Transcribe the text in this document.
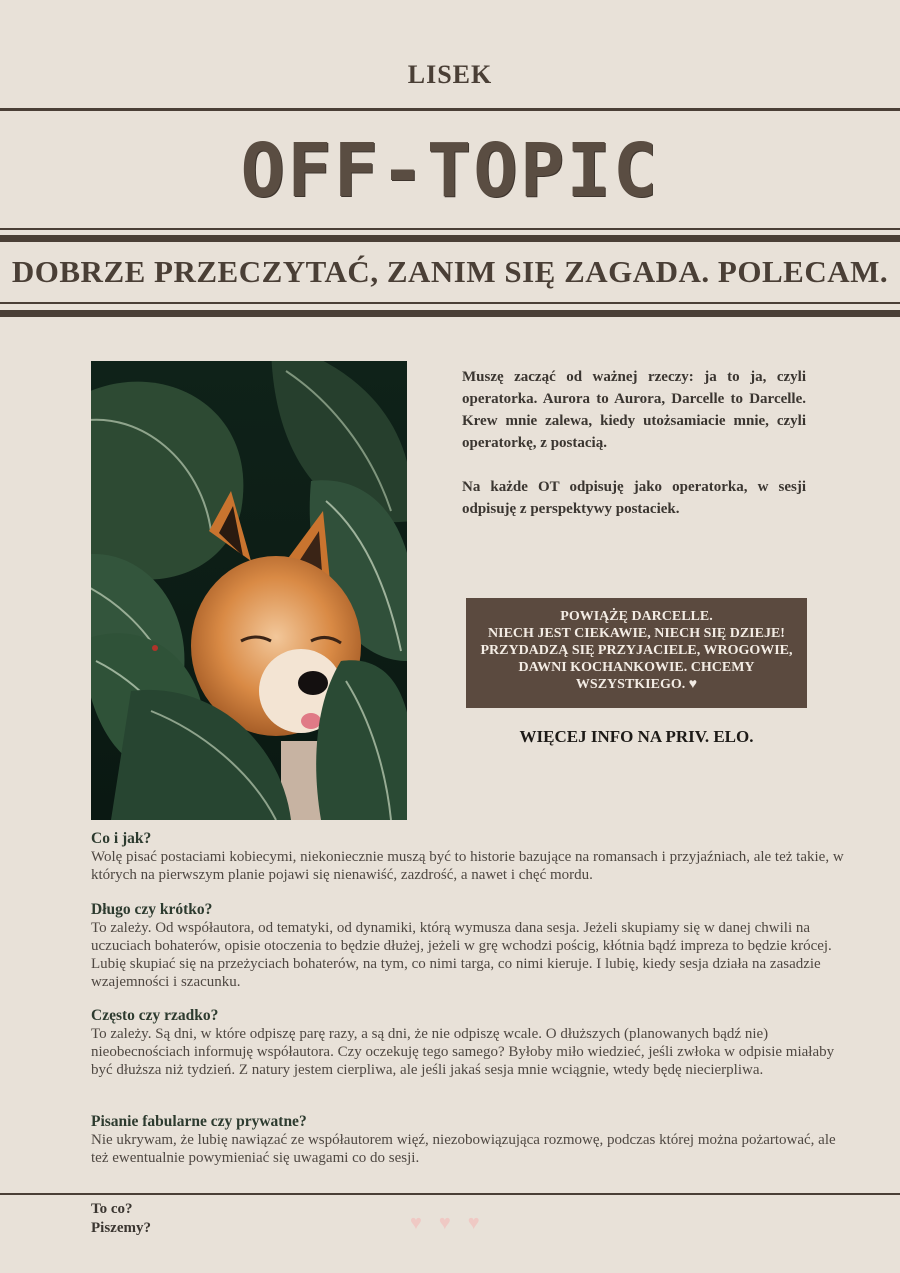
LISEK
OFF-TOPIC
DOBRZE PRZECZYTAĆ, ZANIM SIĘ ZAGADA. POLECAM.

Muszę zacząć od ważnej rzeczy: ja to ja, czyli operatorka. Aurora to Aurora, Darcelle to Darcelle. Krew mnie zalewa, kiedy utożsamiacie mnie, czyli operatorkę, z postacią.

Na każde OT odpisuję jako operatorka, w sesji odpisuję z perspektywy postaciek.

POWIĄŻĘ DARCELLE.
NIECH JEST CIEKAWIE, NIECH SIĘ DZIEJE!
PRZYDADZĄ SIĘ PRZYJACIELE, WROGOWIE,
DAWNI KOCHANKOWIE. CHCEMY
WSZYSTKIEGO. ♥
WIĘCEJ INFO NA PRIV. ELO.
Co i jak?

Wolę pisać postaciami kobiecymi, niekoniecznie muszą być to historie bazujące na romansach i przyjaźniach, ale też takie, w których na pierwszym planie pojawi się nienawiść, zazdrość, a nawet i chęć mordu.

Długo czy krótko?

To zależy. Od współautora, od tematyki, od dynamiki, którą wymusza dana sesja. Jeżeli skupiamy się w danej chwili na uczuciach bohaterów, opisie otoczenia to będzie dłużej, jeżeli w grę wchodzi pościg, kłótnia bądź impreza to będzie krócej. Lubię skupiać się na przeżyciach bohaterów, na tym, co nimi targa, co nimi kieruje. I lubię, kiedy sesja działa na zasadzie wzajemności i szacunku.

Często czy rzadko?

To zależy. Są dni, w które odpiszę parę razy, a są dni, że nie odpiszę wcale. O dłuższych (planowanych bądź nie) nieobecnościach informuję współautora. Czy oczekuję tego samego? Byłoby miło wiedzieć, jeśli zwłoka w odpisie miałaby być dłuższa niż tydzień. Z natury jestem cierpliwa, ale jeśli jakaś sesja mnie wciągnie, wtedy będę niecierpliwa.

Pisanie fabularne czy prywatne?

Nie ukrywam, że lubię nawiązać ze współautorem więź, niezobowiązująca rozmowę, podczas której można pożartować, ale też ewentualnie powymieniać się uwagami co do sesji.

To co?
Piszemy?	♥ ♥ ♥
